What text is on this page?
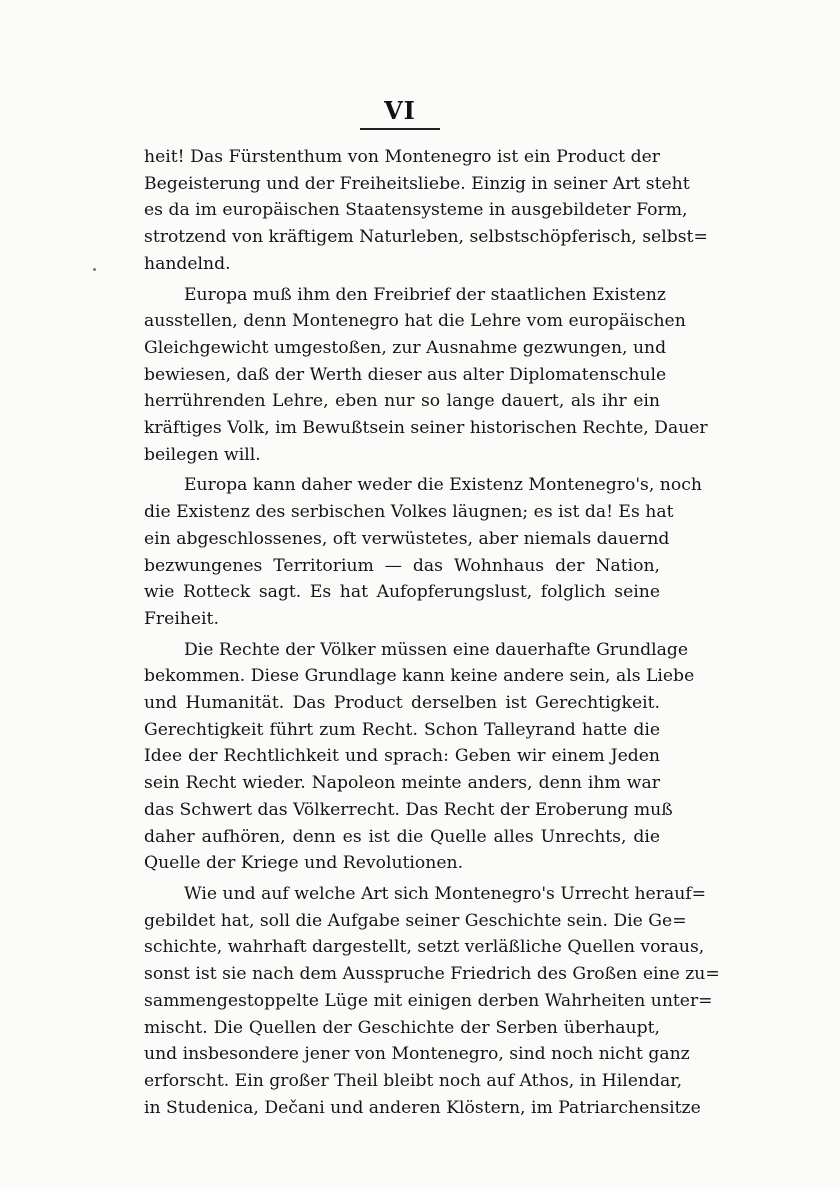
VI
heit! Das Fürstenthum von Montenegro ist ein Product der
Begeisterung und der Freiheitsliebe. Einzig in seiner Art steht
es da im europäischen Staatensysteme in ausgebildeter Form,
strotzend von kräftigem Naturleben, selbstschöpferisch, selbst=
handelnd.
Europa muß ihm den Freibrief der staatlichen Existenz
ausstellen, denn Montenegro hat die Lehre vom europäischen
Gleichgewicht umgestoßen, zur Ausnahme gezwungen, und
bewiesen, daß der Werth dieser aus alter Diplomatenschule
herrührenden Lehre, eben nur so lange dauert, als ihr ein
kräftiges Volk, im Bewußtsein seiner historischen Rechte, Dauer
beilegen will.
Europa kann daher weder die Existenz Montenegro's, noch
die Existenz des serbischen Volkes läugnen; es ist da! Es hat
ein abgeschlossenes, oft verwüstetes, aber niemals dauernd
bezwungenes Territorium — das Wohnhaus der Nation,
wie Rotteck sagt. Es hat Aufopferungslust, folglich seine
Freiheit.
Die Rechte der Völker müssen eine dauerhafte Grundlage
bekommen. Diese Grundlage kann keine andere sein, als Liebe
und Humanität. Das Product derselben ist Gerechtigkeit.
Gerechtigkeit führt zum Recht. Schon Talleyrand hatte die
Idee der Rechtlichkeit und sprach: Geben wir einem Jeden
sein Recht wieder. Napoleon meinte anders, denn ihm war
das Schwert das Völkerrecht. Das Recht der Eroberung muß
daher aufhören, denn es ist die Quelle alles Unrechts, die
Quelle der Kriege und Revolutionen.
Wie und auf welche Art sich Montenegro's Urrecht herauf=
gebildet hat, soll die Aufgabe seiner Geschichte sein. Die Ge=
schichte, wahrhaft dargestellt, setzt verläßliche Quellen voraus,
sonst ist sie nach dem Ausspruche Friedrich des Großen eine zu=
sammengestoppelte Lüge mit einigen derben Wahrheiten unter=
mischt. Die Quellen der Geschichte der Serben überhaupt,
und insbesondere jener von Montenegro, sind noch nicht ganz
erforscht. Ein großer Theil bleibt noch auf Athos, in Hilendar,
in Studenica, Dečani und anderen Klöstern, im Patriarchensitze
